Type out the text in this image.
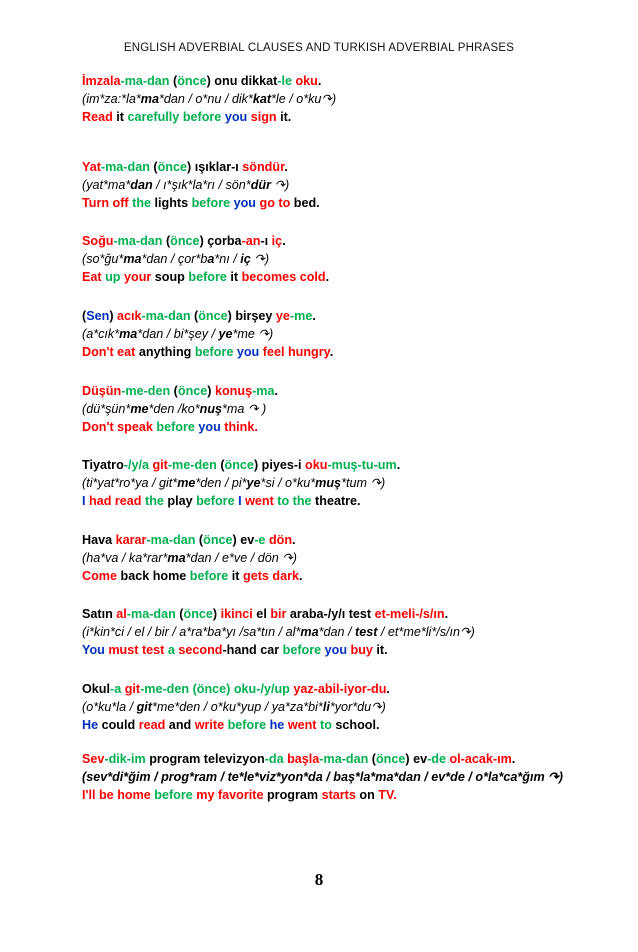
ENGLISH ADVERBIAL CLAUSES AND TURKISH ADVERBIAL PHRASES
İmzala-ma-dan (önce) onu dikkat-le oku.
(im*za:*la*ma*dan / o*nu / dik*kat*le / o*ku↷)
Read it carefully before you sign it.
Yat-ma-dan (önce) ışıklar-ı söndür.
(yat*ma*dan / ı*şık*la*rı / sön*dür ↷)
Turn off the lights before you go to bed.
Soğu-ma-dan (önce) çorba-an-ı iç.
(so*ğu*ma*dan / çor*ba*nı / iç ↷)
Eat up your soup before it becomes cold.
(Sen) acık-ma-dan (önce) birşey ye-me.
(a*cık*ma*dan / bi*şey / ye*me ↷)
Don't eat anything before you feel hungry.
Düşün-me-den (önce) konuş-ma.
(dü*şün*me*den /ko*nuş*ma ↷ )
Don't speak before you think.
Tiyatro-/y/a git-me-den (önce) piyes-i oku-muş-tu-um.
(ti*yat*ro*ya / git*me*den / pi*ye*si / o*ku*muş*tum ↷)
I had read the play before I went to the theatre.
Hava karar-ma-dan (önce) ev-e dön.
(ha*va / ka*rar*ma*dan / e*ve / dön ↷)
Come back home before it gets dark.
Satın al-ma-dan (önce) ikinci el bir araba-/y/ı test et-meli-/s/ın.
(i*kin*ci / el / bir / a*ra*ba*yı /sa*tın / al*ma*dan / test / et*me*li*/s/ın↷)
You must test a second-hand car before you buy it.
Okul-a git-me-den (önce) oku-/y/up yaz-abil-iyor-du.
(o*ku*la / git*me*den / o*ku*yup / ya*za*bi*li*yor*du↷)
He could read and write before he went to school.
Sev-dik-im program televizyon-da başla-ma-dan (önce) ev-de ol-acak-ım. (sev*di*ğim / prog*ram / te*le*viz*yon*da / baş*la*ma*dan / ev*de / o*la*ca*ğım ↷)
I'll be home before my favorite program starts on TV.
8
